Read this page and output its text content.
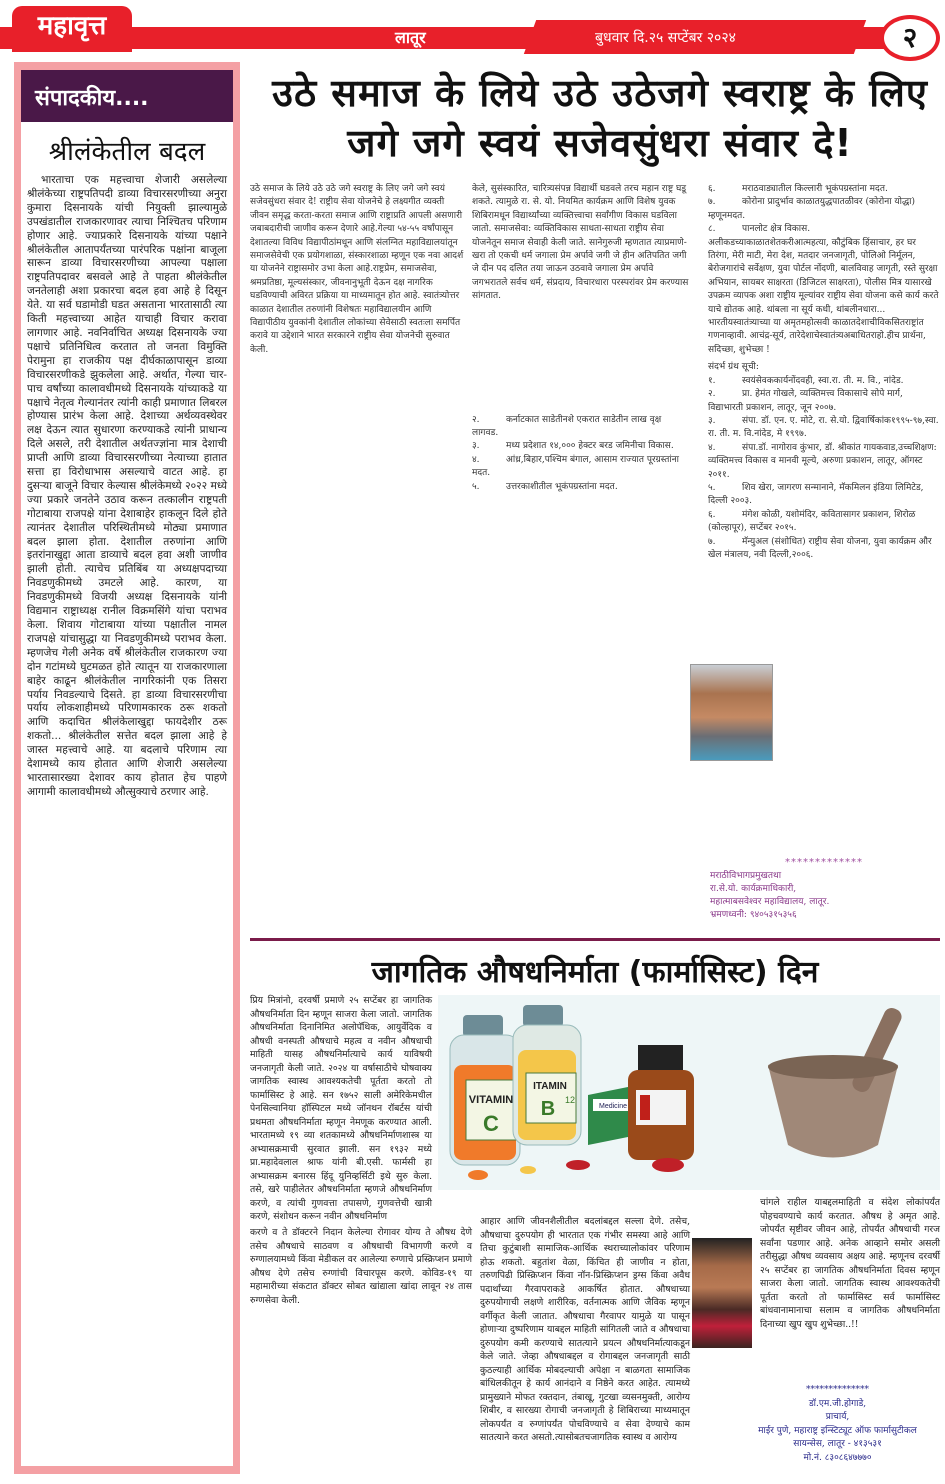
महावृत्त	लातूर	बुधवार दि.२५ सप्टेंबर २०२४	२
संपादकीय....
श्रीलंकेतील बदल
भारताचा एक महत्त्वाचा शेजारी असलेल्या श्रीलंकेच्या राष्ट्रपतिपदी डाव्या विचारसरणीच्या अनुरा कुमारा दिसनायके यांची नियुक्ती झाल्यामुळे उपखंडातील राजकारणावर त्याचा निश्चितच परिणाम होणार आहे. ज्याप्रकारे दिसनायके यांच्या पक्षाने श्रीलंकेतील आतापर्यंतच्या पारंपरिक पक्षांना बाजूला सारून डाव्या विचारसरणीच्या आपल्या पक्षाला राष्ट्रपतिपदावर बसवले आहे ते पाहता श्रीलंकेतील जनतेलाही अशा प्रकारचा बदल हवा आहे हे दिसून येते. या सर्व घडामोडी घडत असताना भारतासाठी त्या किती महत्त्वाच्या आहेत याचाही विचार करावा लागणार आहे. नवनिर्वाचित अध्यक्ष दिसनायके ज्या पक्षाचे प्रतिनिधित्व करतात तो जनता विमुक्ति पेरामुना हा राजकीय पक्ष दीर्घकाळापासून डाव्या विचारसरणीकडे झुकलेला आहे. अर्थात, गेल्या चार-पाच वर्षांच्या कालावधीमध्ये दिसनायके यांच्याकडे या पक्षाचे नेतृत्व गेल्यानंतर त्यांनी काही प्रमाणात लिबरल होण्यास प्रारंभ केला आहे. देशाच्या अर्थव्यवस्थेवर लक्ष देऊन त्यात सुधारणा करण्याकडे त्यांनी प्राधान्य दिले असले, तरी देशातील अर्थतज्ज्ञांना मात्र देशाची प्राप्ती आणि डाव्या विचारसरणीच्या नेत्याच्या हातात सत्ता हा विरोधाभास असल्याचे वाटत आहे. हा दुसऱ्या बाजूने विचार केल्यास श्रीलंकेमध्ये २०२२ मध्ये ज्या प्रकारे जनतेने उठाव करून तत्कालीन राष्ट्रपती गोटाबाया राजपक्षे यांना देशाबाहेर हाकलून दिले होते त्यानंतर देशातील परिस्थितीमध्ये मोठ्या प्रमाणात बदल झाला होता. देशातील तरुणांना आणि इतरांनाखुद्दा आता डाव्याचे बदल हवा अशी जाणीव झाली होती. त्याचेच प्रतिबिंब या अध्यक्षपदाच्या निवडणुकीमध्ये उमटले आहे. कारण, या निवडणुकीमध्ये विजयी अध्यक्ष दिसनायके यांनी विद्यमान राष्ट्राध्यक्ष रानील विक्रमसिंगे यांचा पराभव केला. शिवाय गोटाबाया यांच्या पक्षातील नामल राजपक्षे यांचासुद्धा या निवडणुकीमध्ये पराभव केला. म्हणजेच गेली अनेक वर्षे श्रीलंकेतील राजकारण ज्या दोन गटांमध्ये घुटमळत होते त्यातून या राजकारणाला बाहेर काढून श्रीलंकेतील नागरिकांनी एक तिसरा पर्याय निवडल्याचे दिसते. हा डाव्या विचारसरणीचा पर्याय लोकशाहीमध्ये परिणामकारक ठरू शकतो आणि कदाचित श्रीलंकेलाखुद्दा फायदेशीर ठरू शकतो... श्रीलंकेतील सत्तेत बदल झाला आहे हे जास्त महत्त्वाचे आहे. या बदलाचे परिणाम त्या देशामध्ये काय होतात आणि शेजारी असलेल्या भारतासारख्या देशावर काय होतात हेच पाहणे आगामी कालावधीमध्ये औत्सुक्याचे ठरणार आहे.
उठे समाज के लिये उठे उठेजगे स्वराष्ट्र के लिए जगे जगे स्वयं सजेवसुंधरा संवार दे!

उठे समाज के लिये उठे उठे जगे स्वराष्ट्र के लिए जगे जगे स्वयं सजेवसुंधरा संवार दे! राष्ट्रीय सेवा योजनेचे हे लक्ष्यगीत व्यक्ती जीवन समृद्ध करता-करता समाज आणि राष्ट्राप्रति आपली असणारी जबाबदारीची जाणीव करून देणारे आहे.गेल्या ५४-५५ वर्षांपासून देशातल्या विविध विद्यापीठांमधून आणि संलग्नित महाविद्यालयांतून समाजसेवेची एक प्रयोगशाळा, संस्कारशाळा म्हणून एक नवा आदर्श या योजनेने राष्ट्रासमोर उभा केला आहे.राष्ट्रप्रेम, समाजसेवा, श्रमप्रतिष्ठा, मूल्यसंस्कार, जीवनानुभूती देऊन दक्ष नागरिक घडविण्याची अविरत प्रक्रिया या माध्यमातून होत आहे. स्वातंत्र्योत्तर काळात देशातील तरुणांनी विशेषतः महाविद्यालयीन आणि विद्यापीठीय युवकांनी देशातील लोकांच्या सेवेसाठी स्वतःला समर्पित करावे या उद्देशाने भारत सरकारने राष्ट्रीय सेवा योजनेची सुरुवात केली.

केले, सुसंस्कारित, चारित्र्यसंपन्न विद्यार्थी घडवले तरच महान राष्ट्र घडू शकते. त्यामुळे रा. से. यो. नियमित कार्यक्रम आणि विशेष युवक शिबिरामधून विद्यार्थ्यांच्या व्यक्तित्त्वाचा सर्वांगीण विकास घडविला जातो. समाजसेवा: व्यक्तिविकास साधता-साधता राष्ट्रीय सेवा योजनेतून समाज सेवाही केली जाते. सानेगुरुजी म्हणतात त्याप्रमाणे- खरा तो एकची धर्म जगाला प्रेम अर्पावे जगी जे हीन अतिपतित जगी जे दीन पद दलित तया जाऊन उठवावे जगाला प्रेम अर्पावे जगभरातले सर्वच धर्म, संप्रदाय, विचारधारा परस्परांवर प्रेम करण्यास सांगतात.

२.	कर्नाटकात साडेतीनशे एकरात साडेतीन लाख वृक्ष लागवड.
३.	मध्य प्रदेशात १४,००० हेक्टर बरड जमिनीचा विकास.
४.	आंध्र,बिहार,पश्चिम बंगाल, आसाम राज्यात पूरग्रस्तांना मदत.
५.	उत्तरकाशीतील भूकंपग्रस्तांना मदत.
६.	मराठवाड्यातील किल्लारी भूकंपग्रस्तांना मदत.
७.	कोरोना प्रादुर्भाव काळातयुद्धपातळीवर (कोरोना योद्धा) म्हणूनमदत.
८.	पानलोट क्षेत्र विकास.

अलीकडच्याकाळातशेतकरीआत्महत्या, कौटुंबिक हिंसाचार, हर घर तिरंगा, मेरी माटी, मेरा देश, मतदार जनजागृती, पोलिओ निर्मूलन, बेरोजगारांचे सर्वेक्षण, युवा पोर्टल नोंदणी, बालविवाह जागृती, रस्ते सुरक्षा अभियान, सायबर साक्षरता (डिजिटल साक्षरता), पोलीस मित्र यासारखे उपक्रम व्यापक अशा राष्ट्रीय मूल्यांवर राष्ट्रीय सेवा योजना कसे कार्य करते याचे द्योतक आहे. थांबला ना सूर्य कधी, थांबलीनधारा... भारतीयस्वातंत्र्याच्या या अमृतमहोत्सवी काळातदेशाचीविकसितराष्ट्रांत गणनाव्हावी. आचंद्र-सूर्य, तारेदेशाचेस्वातंत्र्यअबाधितराहो.हीच प्रार्थना, सदिच्छा, शुभेच्छा !

संदर्भ ग्रंथ सूची:

१.	स्वयंसेवककार्यनोंदवही, स्वा.रा. ती. म. वि., नांदेड.
२.	प्रा. हेमंत गोखले, व्यक्तिमत्त्व विकासाचे सोपे मार्ग, विद्याभारती प्रकाशन, लातूर, जून २००७.
३.	संपा. डॉ. एन. ए. मोटे, रा. से.यो. द्विवार्षिकांक१९९५-९७,स्वा. रा. ती. म. वि.नांदेड, मे १९९७.
४.	संपा.डॉ. नागोराव कुंभार, डॉ. श्रीकांत गायकवाड,उच्चशिक्षण: व्यक्तिमत्त्व विकास व मानवी मूल्ये, अरुणा प्रकाशन, लातूर, ऑगस्ट २०११.
५.	शिव खेरा, जागरण सन्मानाने, मॅकमिलन इंडिया लिमिटेड, दिल्ली २००३.
६.	मंगेश कोळी, यशोमंदिर, कवितासागर प्रकाशन, शिरोळ (कोल्हापूर), सप्टेंबर २०१५.
७.	मॅन्युअल (संशोधित) राष्ट्रीय सेवा योजना, युवा कार्यक्रम और खेल मंत्रालय, नवी दिल्ली,२००६.
*************
मराठीविभागप्रमुखतथा
रा.से.यो. कार्यक्रमाधिकारी,
महात्माबसवेश्वर महाविद्यालय, लातूर.
भ्रमणध्वनी: ९४०५३१५३५६
जागतिक औषधनिर्माता (फार्मासिस्ट) दिन
प्रिय मित्रांनो, दरवर्षी प्रमाणे २५ सप्टेंबर हा जागतिक औषधनिर्माता दिन म्हणून साजरा केला जातो. जागतिक औषधनिर्माता दिनानिमित अलोपॅथिक, आयुर्वेदिक व औषधी वनस्पती औषधाचे महत्व व नवीन औषधाची माहिती यासह औषधनिर्मात्याचे कार्य याविषयी जनजागृती केली जाते. २०२४ या वर्षासाठीचे घोषवाक्य जागतिक स्वास्थ आवश्यकतेची पूर्तता करतो तो फार्मासिस्ट हे आहे. सन १७५२ साली अमेरिकेमधील पेनसिल्वानिया हॉस्पिटल मध्ये जॉनथन रॉबर्टस यांची प्रथमता औषधनिर्माता म्हणून नेमणूक करण्यात आली. भारतामध्ये १९ व्या शतकामध्ये औषधनिर्माणशास्त्र या अभ्यासक्रमाची सुरवात झाली. सन १९३२ मध्ये प्रा.महादेवलाल श्राफ यांनी बी.एसी. फार्मसी हा अभ्यासक्रम बनारस हिंदू युनिव्हर्सिटी इथे सुरु केला. तसे, खरे पाहीलेतर औषधनिर्माता म्हणजे औषधनिर्माण करणे, व त्यांची गुणवत्ता तपासणे, गुणवत्तेची खात्री करणे, संशोधन करून नवीन औषधनिर्माण
VITAMIN
C
ITAMIN
B 12
Medicine
करणे व ते डॉक्टरने निदान केलेल्या रोगावर योग्य ते औषध देणे तसेच औषधाचे साठवण व औषधाची विभागणी करणे व रुग्णालयामध्ये किंवा मेडीकल वर आलेल्या रुग्णाचे प्रस्क्रिप्शन प्रमाणे औषध देणे तसेच रुग्णांची विचारपूस करणे. कोविड-१९ या महामारीच्या संकटात डॉक्टर सोबत खांद्याला खांदा लावून २४ तास रुग्णसेवा केली.
आहार आणि जीवनशैलीतील बदलांबद्दल सल्ला देणे. तसेच, औषधाचा दुरुपयोग ही भारतात एक गंभीर समस्या आहे आणि तिचा कुटुंबाशी सामाजिक-आर्थिक स्थराच्यालोकांवर परिणाम होऊ शकतो. बहुतांश वेळा, किंचित ही जाणीव न होता, तरुणपिढी प्रिस्क्रिप्शन किंवा नॉन-प्रिस्क्रिप्शन ड्रग्स किंवा अवैध पदार्थांच्या गैरवापराकडे आकर्षित होतात. औषधाच्या दुरुपयोगाची लक्षणे शारीरिक, वर्तनात्मक आणि जैविक म्हणून वर्गीकृत केली जातात. औषधाचा गैरवापर यामुळे या पासून होणाऱ्या दुष्परिणाम याबद्दल माहिती सांगितली जाते व औषधाचा दुरुपयोग कमी करण्याचे सातत्याने प्रयत्न औषधनिर्मात्याकडून केले जाते. जेव्हा औषधाबद्दल व रोगाबद्दल जनजागृती साठी कुठल्याही आर्थिक मोबदल्याची अपेक्षा न बाळगता सामाजिक बांधिलकीतून हे कार्य आनंदाने व निष्ठेने करत आहेत. त्यामध्ये प्रामुख्याने मोफत रक्तदान, तंबाखू, गुटखा व्यसनमुक्ती, आरोग्य शिबीर, व सारख्या रोगाची जनजागृती हे शिबिराच्या माध्यमातून लोकपर्यंत व रुग्णांपर्यंत पोचविण्याचे व सेवा देण्याचे काम सातत्याने करत असतो.त्यासोबतचजागतिक स्वास्थ व आरोग्य
चांगले राहील याबद्दलमाहिती व संदेश लोकांपर्यंत पोहचवण्याचे कार्य करतात. औषध हे अमृत आहे. जोपर्यंत सृष्टीवर जीवन आहे, तोपर्यंत औषधाची गरज सर्वांना पडणार आहे. अनेक आव्हाने समोर असली तरीसुद्धा औषध व्यवसाय अक्षय आहे. म्हणूनच दरवर्षी २५ सप्टेंबर हा जागतिक औषधनिर्माता दिवस म्हणून साजरा केला जातो. जागतिक स्वास्थ आवश्यकतेची पूर्तता करतो तो फार्मासिस्ट सर्व फार्मासिस्ट बांधवानामानाचा सलाम व जागतिक औषधनिर्माता दिनाच्या खुप खुप शुभेच्छा..!!
**************
डॉ.एम.जी.होगाडे,
प्राचार्य,
माईर पुणे, महाराष्ट्र इन्स्टिट्यूट ऑफ फार्मासुटीकल
सायन्सेस, लातूर - ४१३५३१
मो.नं. ८३०८६४७७७०
